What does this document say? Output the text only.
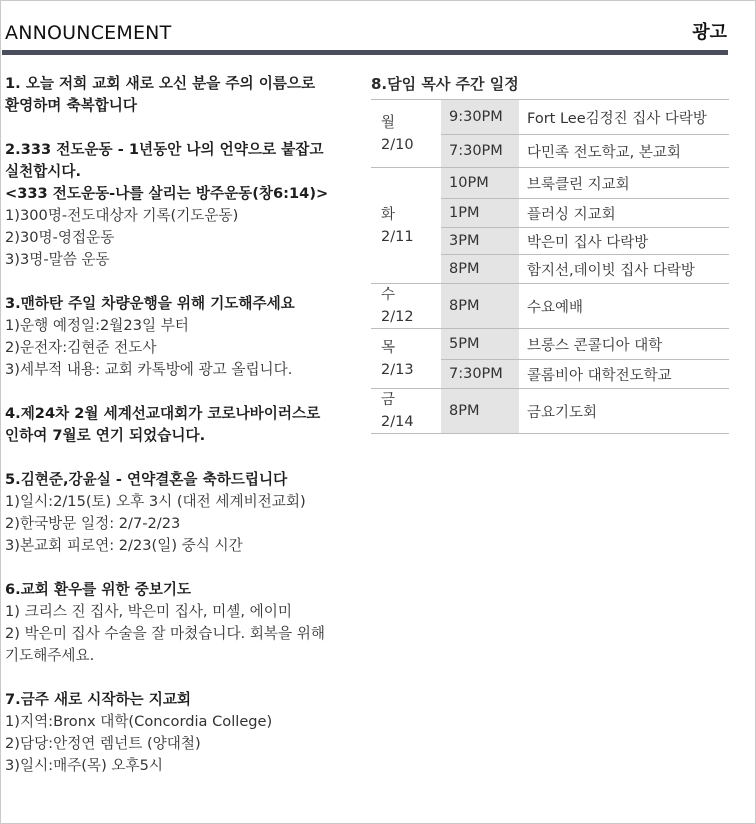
ANNOUNCEMENT	광고
1. 오늘 저희 교회 새로 오신 분을 주의 이름으로
환영하며 축복합니다
2.333 전도운동 - 1년동안 나의 언약으로 붙잡고
실천합시다.
<333 전도운동-나를 살리는 방주운동(창6:14)>
1)300명-전도대상자 기록(기도운동)
2)30명-영접운동
3)3명-말씀 운동
3.맨하탄 주일 차량운행을 위해 기도해주세요
1)운행 예정일:2월23일 부터
2)운전자:김현준 전도사
3)세부적 내용: 교회 카톡방에 광고 올립니다.
4.제24차 2월 세계선교대회가 코로나바이러스로
인하여 7월로 연기 되었습니다.
5.김현준,강윤실 - 연약결혼을 축하드립니다
1)일시:2/15(토) 오후 3시 (대전 세계비전교회)
2)한국방문 일정: 2/7-2/23
3)본교회 피로연: 2/23(일) 중식 시간
6.교회 환우를 위한 중보기도
1) 크리스 진 집사, 박은미 집사, 미셸, 에이미
2) 박은미 집사 수술을 잘 마쳤습니다. 회복을 위해
기도해주세요.
7.금주 새로 시작하는 지교회
1)지역:Bronx 대학(Concordia College)
2)담당:안정연 렘넌트 (양대철)
3)일시:매주(목) 오후5시
8.담임 목사 주간 일정
월
2/10	9:30PM	Fort Lee김정진 집사 다락방
	7:30PM	다민족 전도학교, 본교회

화
2/11	10PM	브룩클린 지교회
	1PM	플러싱 지교회
	3PM	박은미 집사 다락방
	8PM	함지선,데이빗 집사 다락방

수
2/12	8PM	수요예배

목
2/13	5PM	브롱스 콘콜디아 대학
	7:30PM	콜롬비아 대학전도학교

금
2/14	8PM	금요기도회
